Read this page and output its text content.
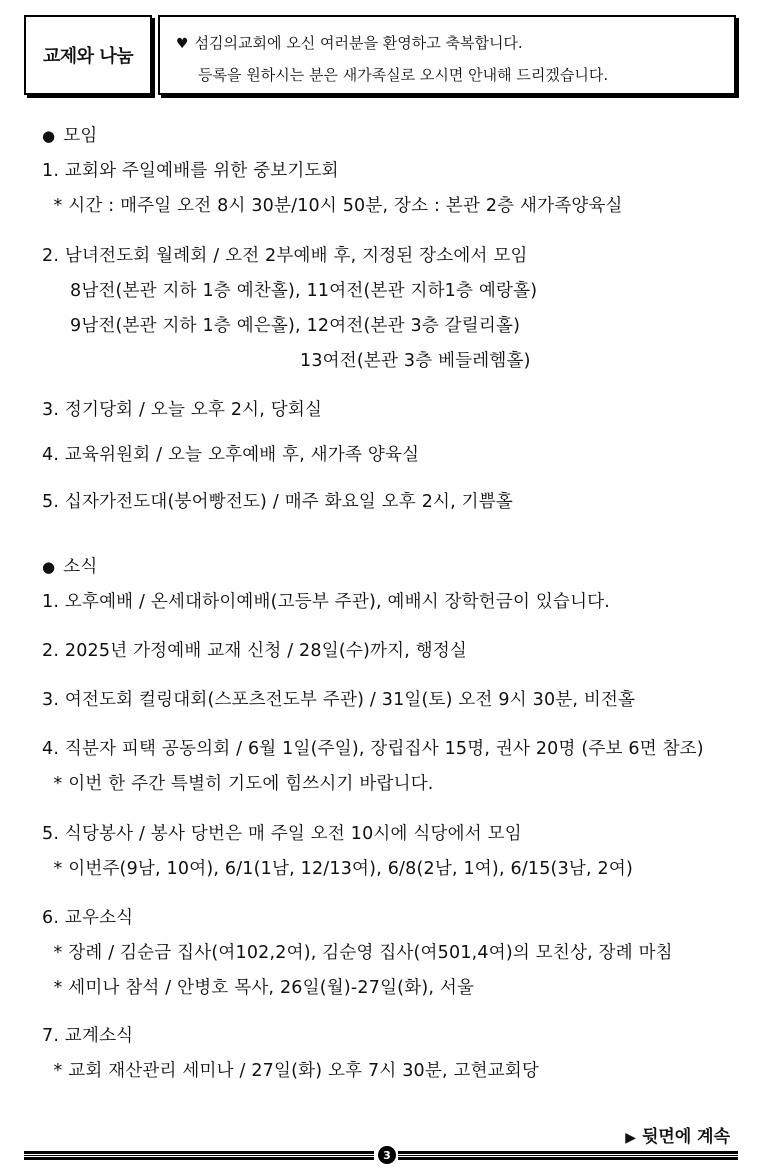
교제와 나눔
♥ 섬김의교회에 오신 여러분을 환영하고 축복합니다.
등록을 원하시는 분은 새가족실로 오시면 안내해 드리겠습니다.
● 모임
1. 교회와 주일예배를 위한 중보기도회
* 시간 : 매주일 오전 8시 30분/10시 50분, 장소 : 본관 2층 새가족양육실
2. 남녀전도회 월례회 / 오전 2부예배 후, 지정된 장소에서 모임
8남전(본관 지하 1층 예찬홀), 11여전(본관 지하1층 예랑홀)
9남전(본관 지하 1층 예은홀), 12여전(본관 3층 갈릴리홀)
13여전(본관 3층 베들레헴홀)
3. 정기당회 / 오늘 오후 2시, 당회실
4. 교육위원회 / 오늘 오후예배 후, 새가족 양육실
5. 십자가전도대(붕어빵전도) / 매주 화요일 오후 2시, 기쁨홀
● 소식
1. 오후예배 / 온세대하이예배(고등부 주관), 예배시 장학헌금이 있습니다.
2. 2025년 가정예배 교재 신청 / 28일(수)까지, 행정실
3. 여전도회 컬링대회(스포츠전도부 주관) / 31일(토) 오전 9시 30분, 비전홀
4. 직분자 피택 공동의회 / 6월 1일(주일), 장립집사 15명, 권사 20명 (주보 6면 참조)
* 이번 한 주간 특별히 기도에 힘쓰시기 바랍니다.
5. 식당봉사 / 봉사 당번은 매 주일 오전 10시에 식당에서 모임
* 이번주(9남, 10여), 6/1(1남, 12/13여), 6/8(2남, 1여), 6/15(3남, 2여)
6. 교우소식
* 장례 / 김순금 집사(여102,2여), 김순영 집사(여501,4여)의 모친상, 장례 마침
* 세미나 참석 / 안병호 목사, 26일(월)-27일(화), 서울
7. 교계소식
* 교회 재산관리 세미나 / 27일(화) 오후 7시 30분, 고현교회당
▶ 뒷면에 계속
3
